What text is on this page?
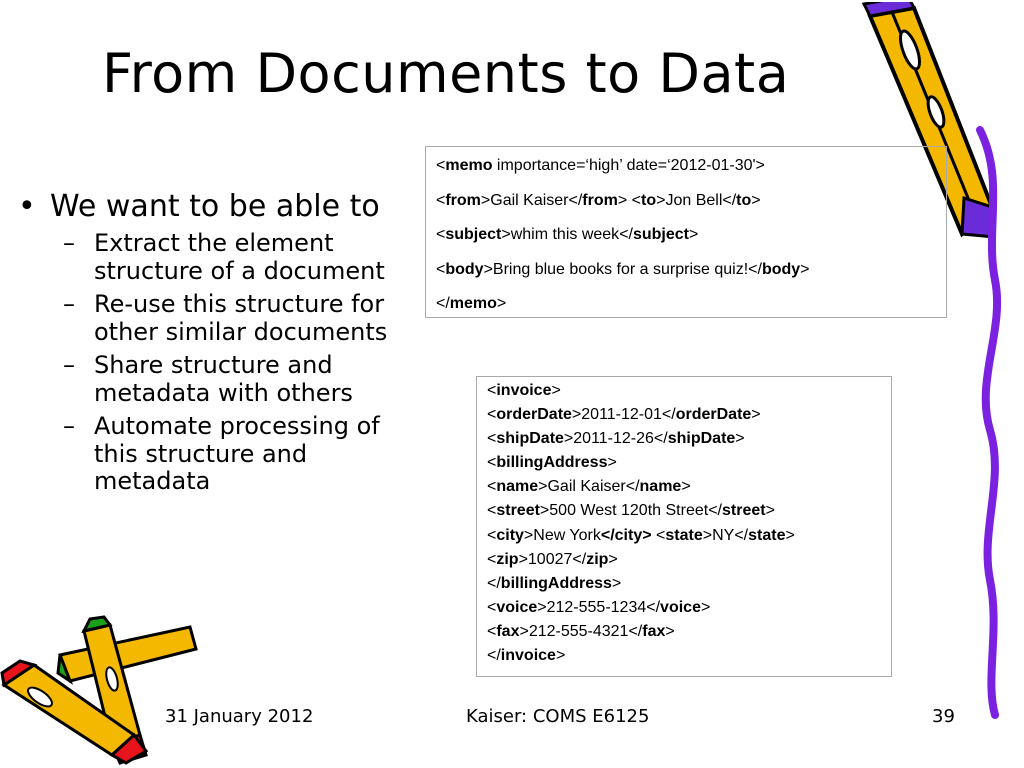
From Documents to Data
• We want to be able to
– Extract the element structure of a document
– Re-use this structure for other similar documents
– Share structure and metadata with others
– Automate processing of this structure and metadata
<memo importance=‘high’ date=‘2012-01-30'>
<from>Gail Kaiser</from> <to>Jon Bell</to>
<subject>whim this week</subject>
<body>Bring blue books for a surprise quiz!</body>
</memo>
<invoice>
<orderDate>2011-12-01</orderDate>
<shipDate>2011-12-26</shipDate>
<billingAddress>
<name>Gail Kaiser</name>
<street>500 West 120th Street</street>
<city>New York</city> <state>NY</state>
<zip>10027</zip>
</billingAddress>
<voice>212-555-1234</voice>
<fax>212-555-4321</fax>
</invoice>
31 January 2012	Kaiser: COMS E6125	39
